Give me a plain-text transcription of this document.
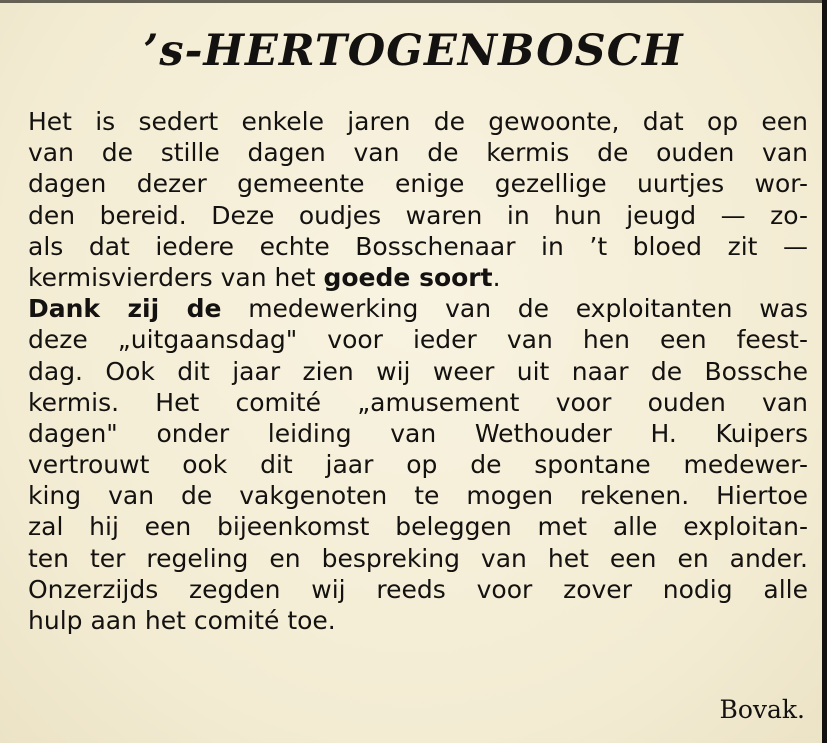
’s-HERTOGENBOSCH
Het is sedert enkele jaren de gewoonte, dat op een
van de stille dagen van de kermis de ouden van
dagen dezer gemeente enige gezellige uurtjes wor-
den bereid. Deze oudjes waren in hun jeugd — zo-
als dat iedere echte Bosschenaar in ’t bloed zit —
kermisvierders van het goede soort.
Dank zij de medewerking van de exploitanten was
deze „uitgaansdag" voor ieder van hen een feest-
dag. Ook dit jaar zien wij weer uit naar de Bossche
kermis. Het comité „amusement voor ouden van
dagen" onder leiding van Wethouder H. Kuipers
vertrouwt ook dit jaar op de spontane medewer-
king van de vakgenoten te mogen rekenen. Hiertoe
zal hij een bijeenkomst beleggen met alle exploitan-
ten ter regeling en bespreking van het een en ander.
Onzerzijds zegden wij reeds voor zover nodig alle
hulp aan het comité toe.
Bovak.
